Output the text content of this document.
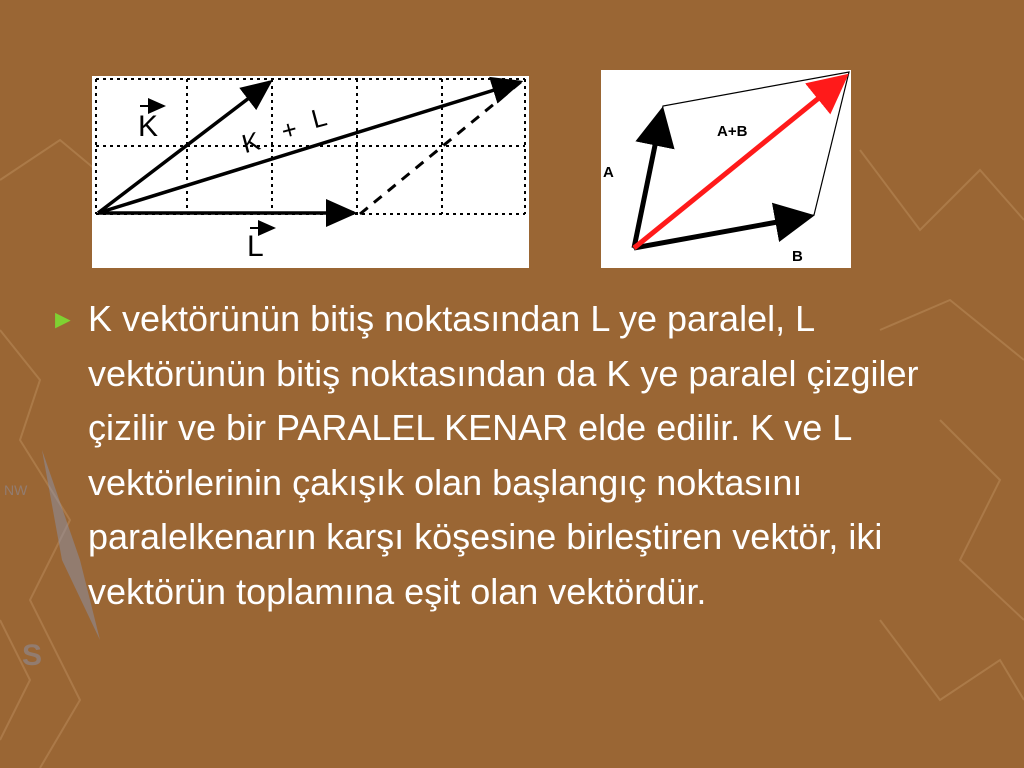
S
NW
K
L
K + L
A
B
A+B
► K vektörünün bitiş noktasından L ye paralel, L vektörünün bitiş noktasından da K ye paralel çizgiler çizilir ve bir PARALEL KENAR elde edilir. K ve L vektörlerinin çakışık olan başlangıç noktasını paralelkenarın karşı köşesine birleştiren vektör, iki vektörün toplamına eşit olan vektördür.
